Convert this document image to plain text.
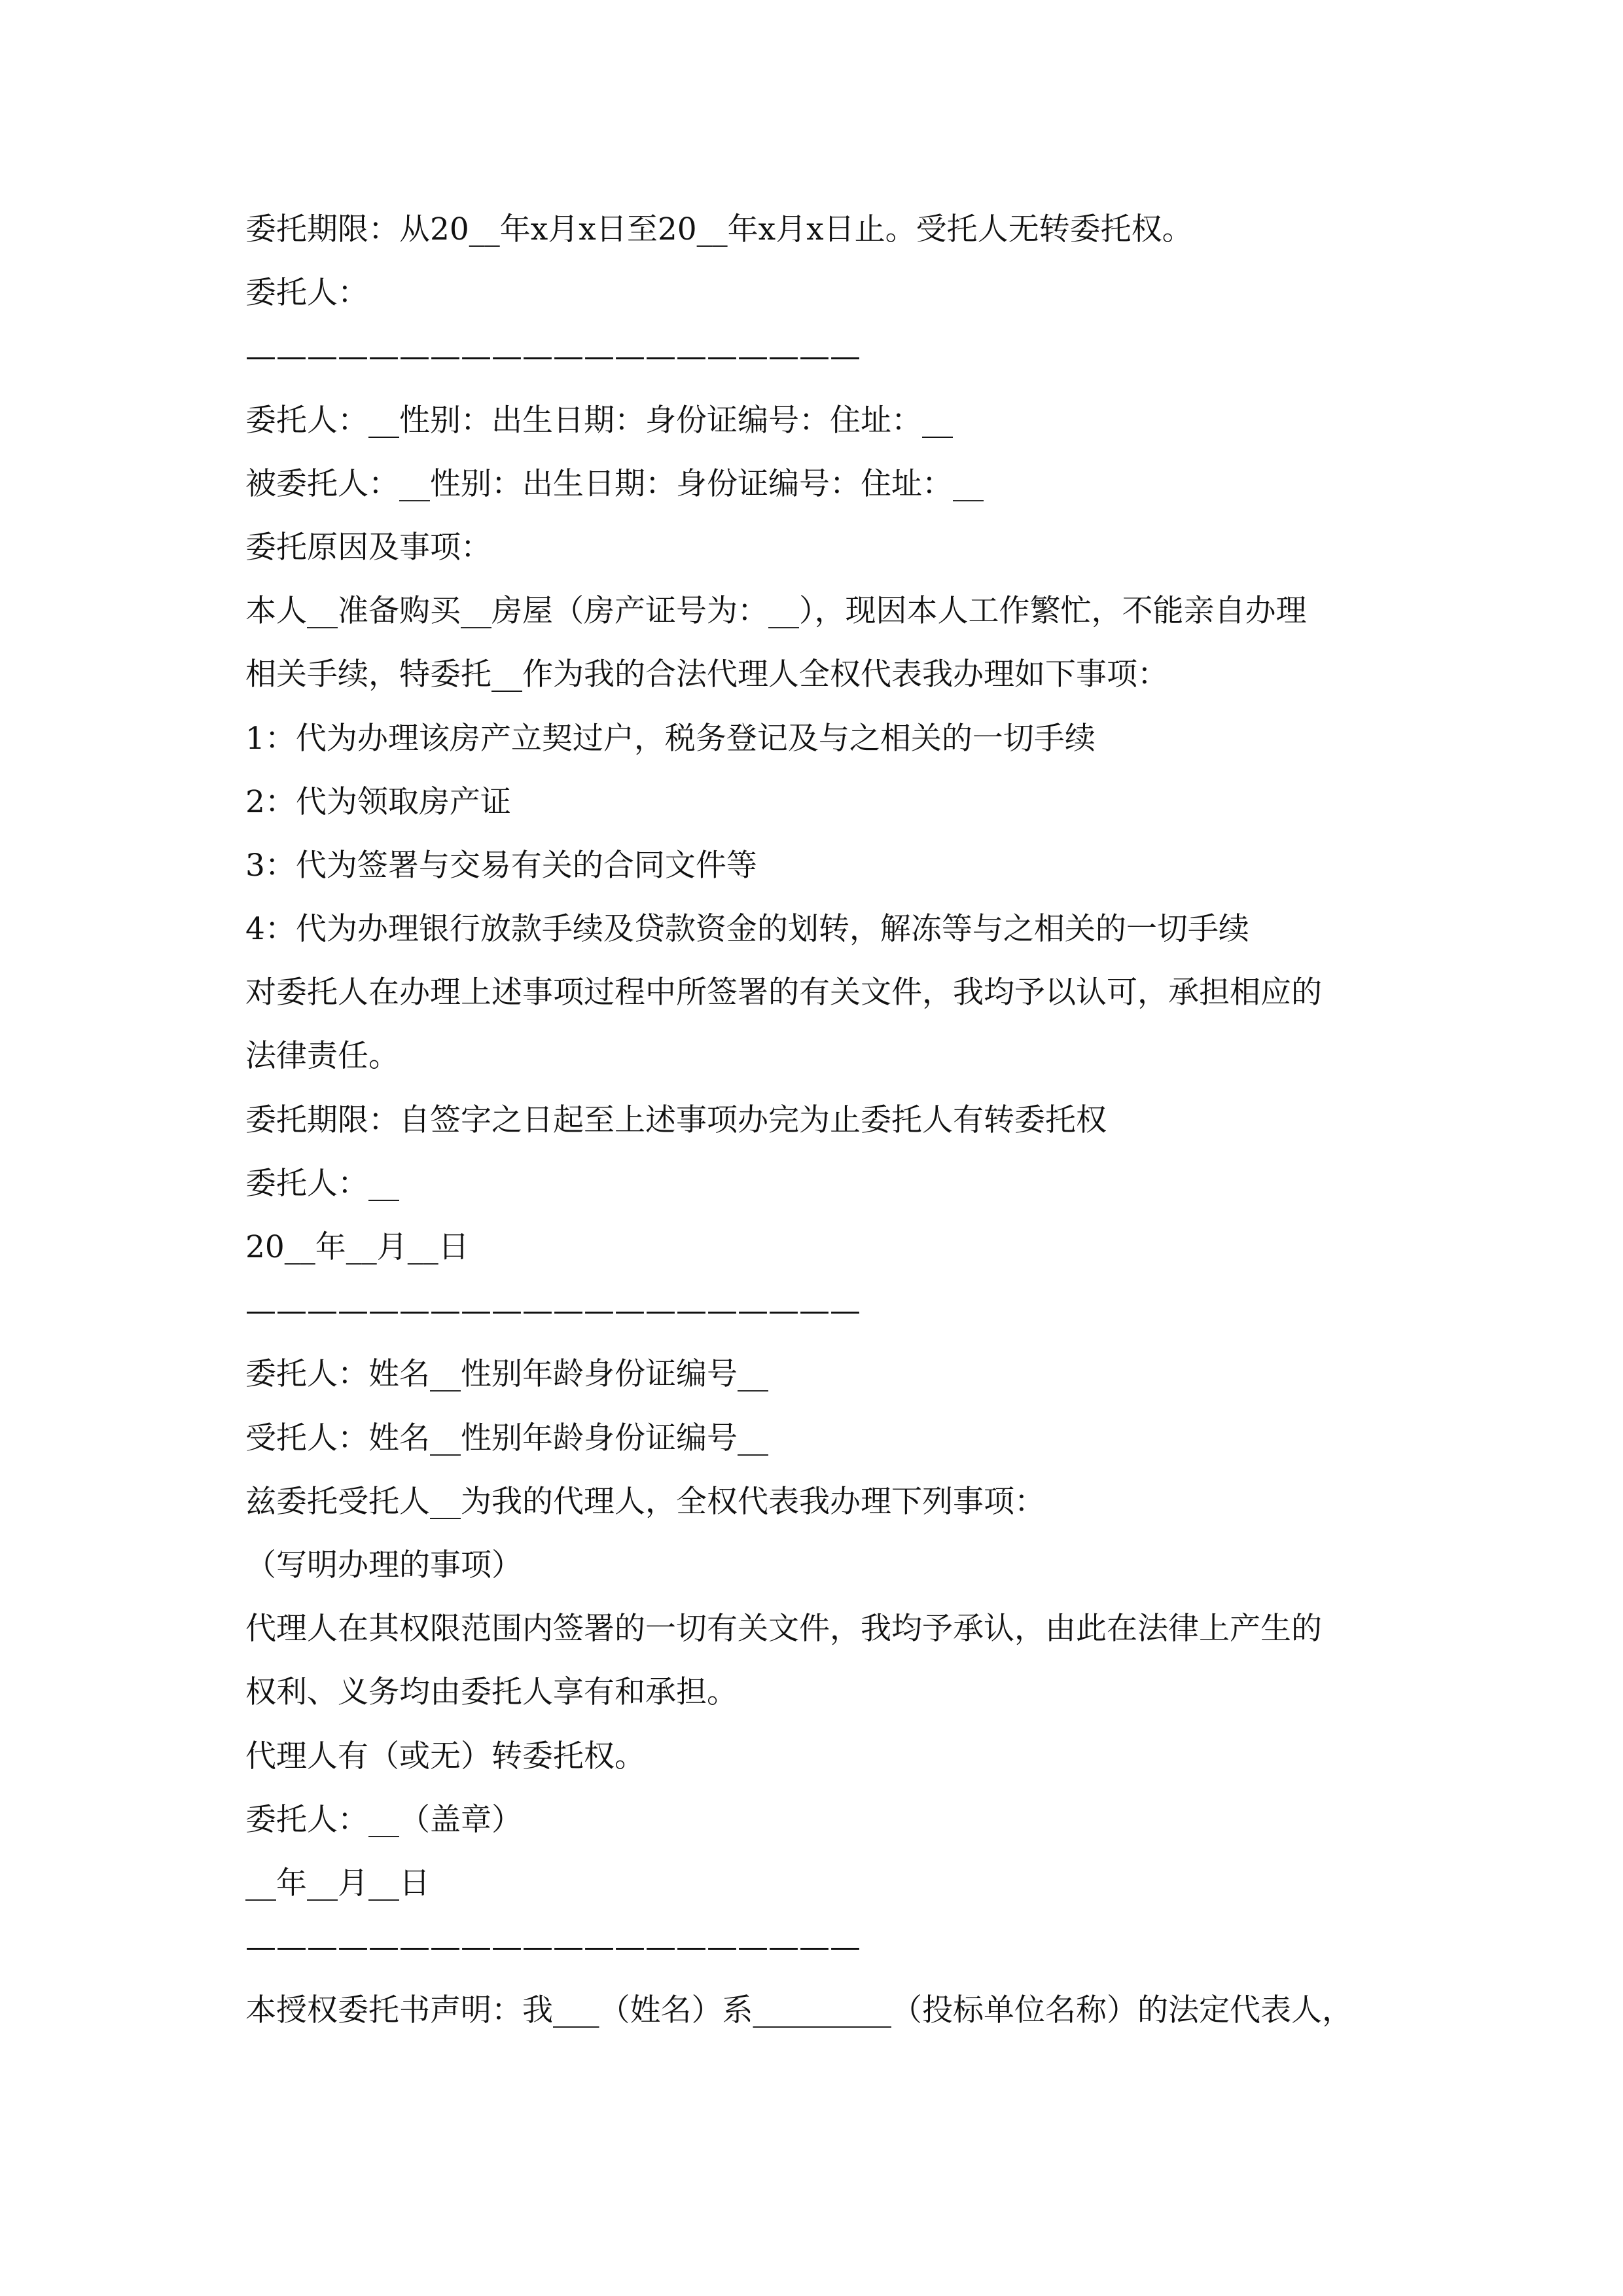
委托期限：从20__年x月x日至20__年x月x日止。受托人无转委托权。
委托人：
————————————————————
委托人：__性别：出生日期：身份证编号：住址：__
被委托人：__性别：出生日期：身份证编号：住址：__
委托原因及事项：
本人__准备购买__房屋（房产证号为：__），现因本人工作繁忙，不能亲自办理
相关手续，特委托__作为我的合法代理人全权代表我办理如下事项：
1：代为办理该房产立契过户，税务登记及与之相关的一切手续
2：代为领取房产证
3：代为签署与交易有关的合同文件等
4：代为办理银行放款手续及贷款资金的划转，解冻等与之相关的一切手续
对委托人在办理上述事项过程中所签署的有关文件，我均予以认可，承担相应的
法律责任。
委托期限：自签字之日起至上述事项办完为止委托人有转委托权
委托人：__
20__年__月__日
————————————————————
委托人：姓名__性别年龄身份证编号__
受托人：姓名__性别年龄身份证编号__
兹委托受托人__为我的代理人，全权代表我办理下列事项：
（写明办理的事项）
代理人在其权限范围内签署的一切有关文件，我均予承认，由此在法律上产生的
权利、义务均由委托人享有和承担。
代理人有（或无）转委托权。
委托人：__（盖章）
__年__月__日
————————————————————
本授权委托书声明：我___（姓名）系_________（投标单位名称）的法定代表人，
